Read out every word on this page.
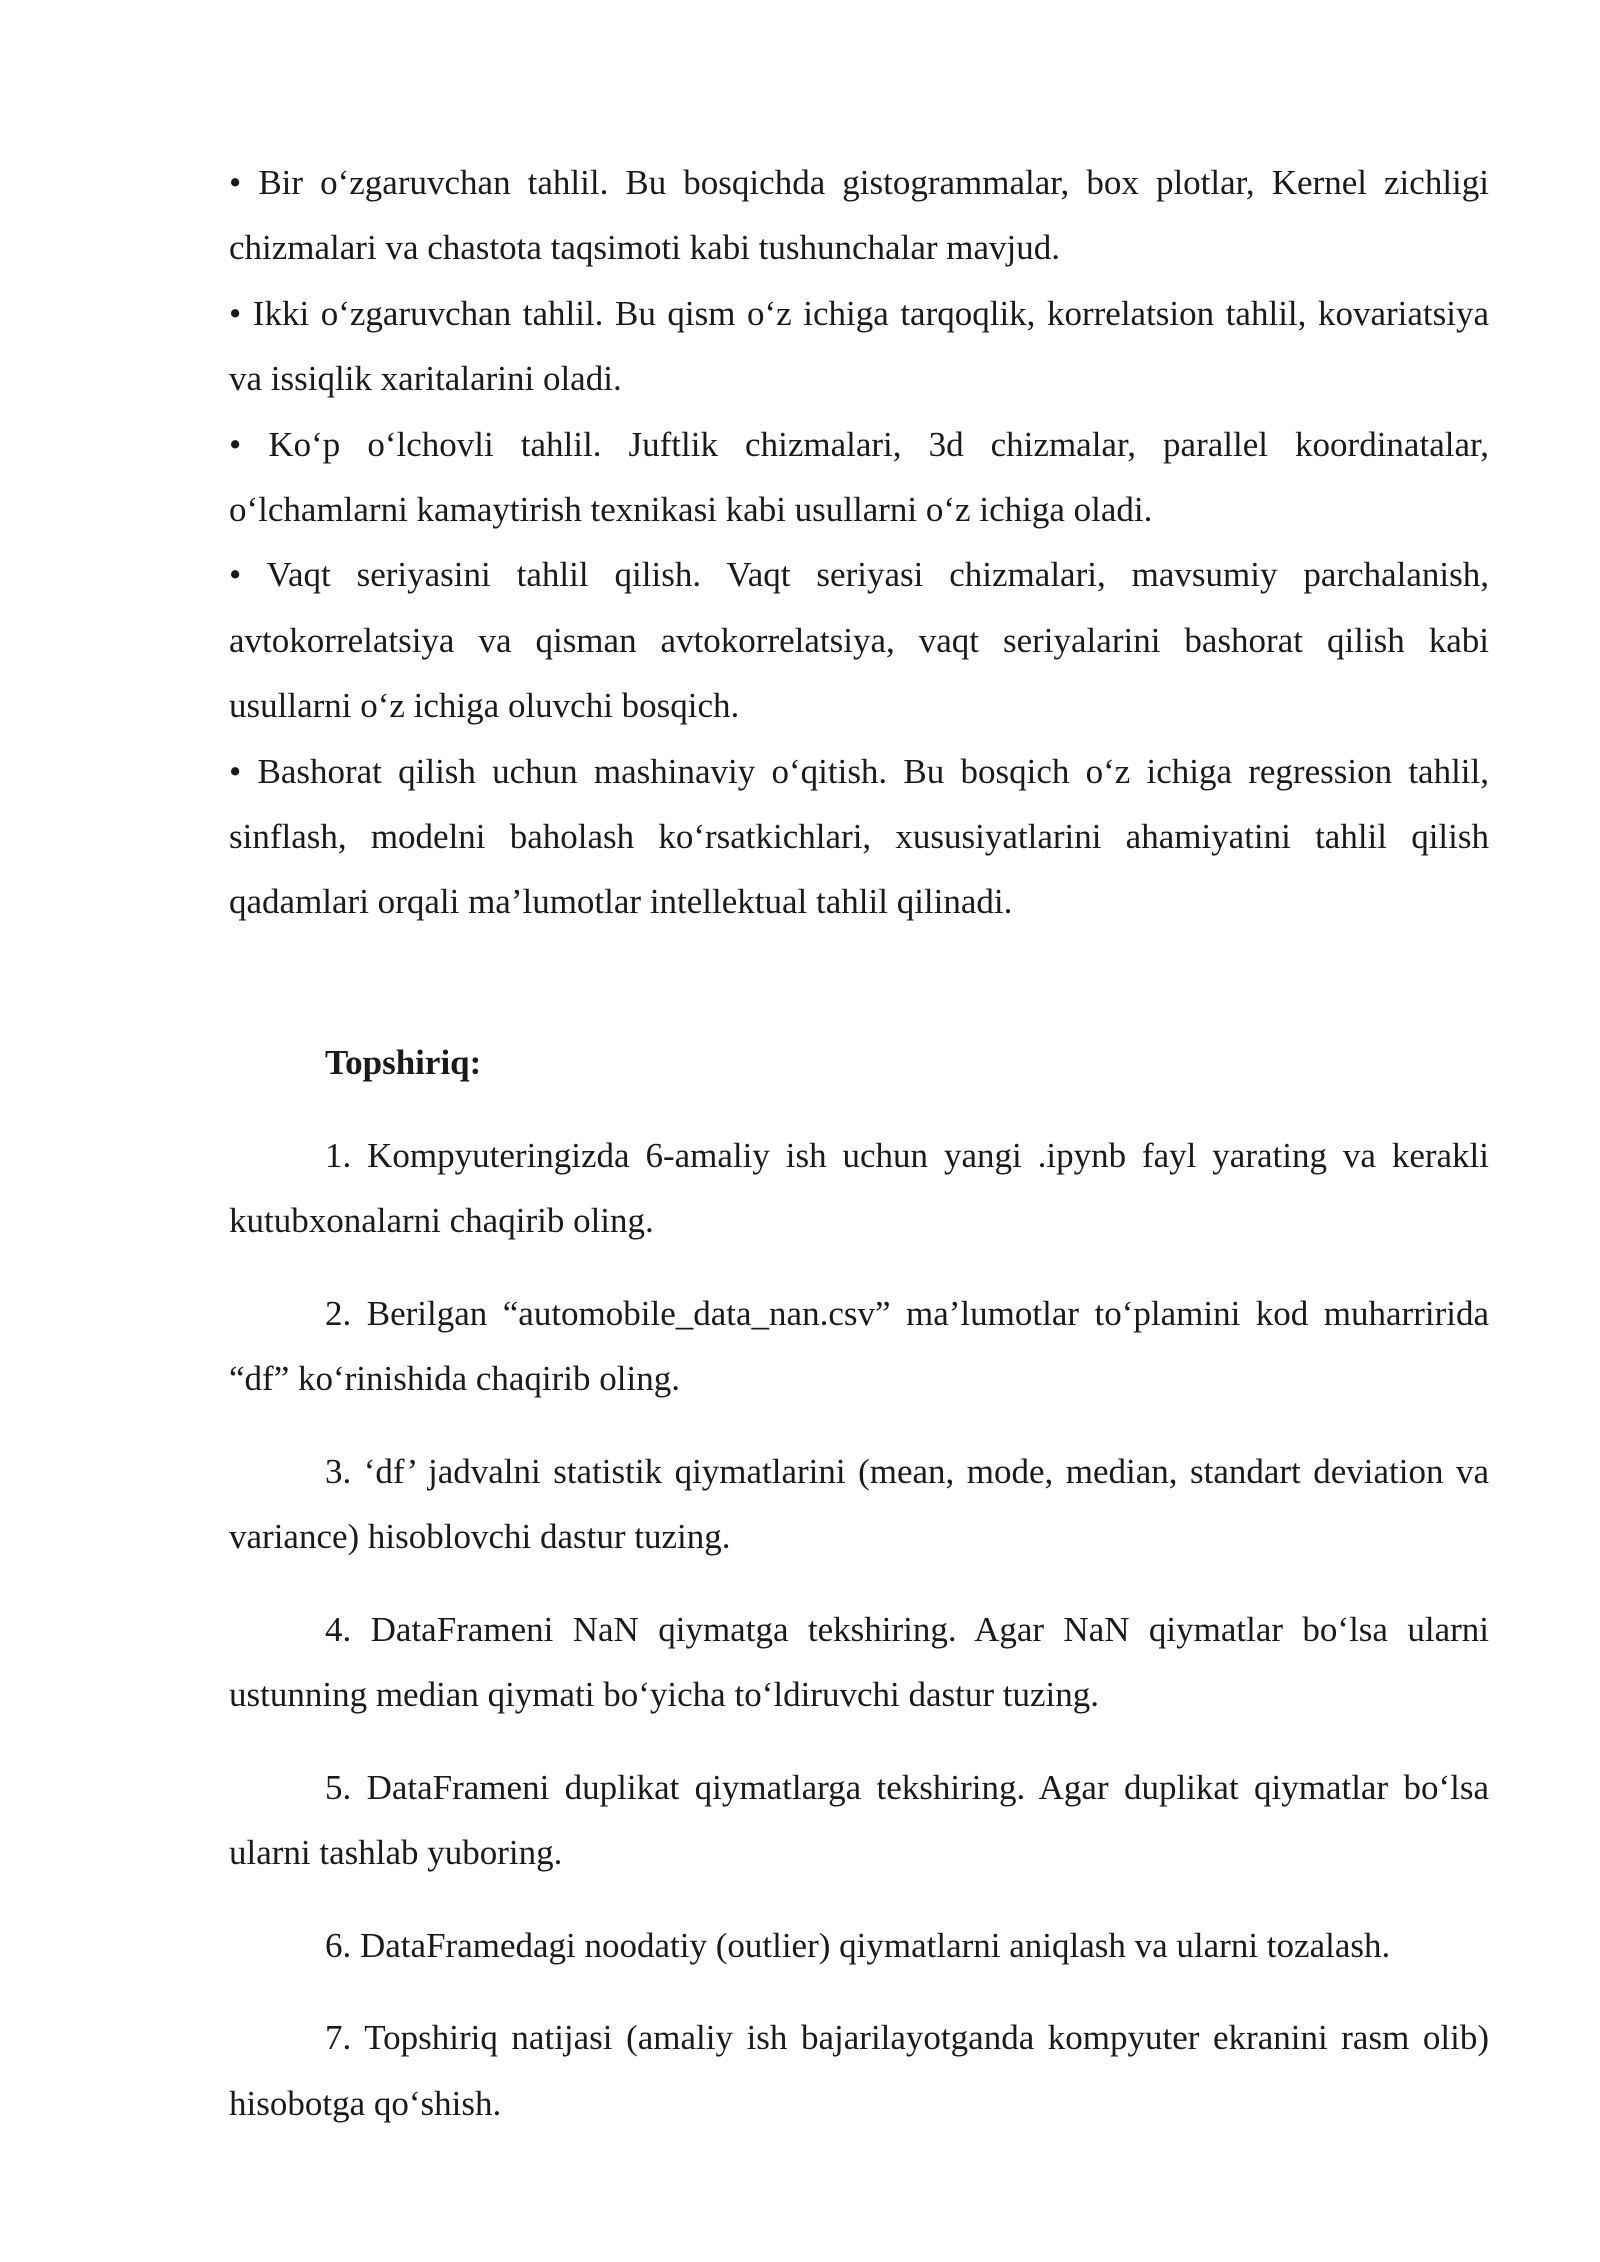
• Bir o‘zgaruvchan tahlil. Bu bosqichda gistogrammalar, box plotlar, Kernel zichligi chizmalari va chastota taqsimoti kabi tushunchalar mavjud.

• Ikki o‘zgaruvchan tahlil. Bu qism o‘z ichiga tarqoqlik, korrelatsion tahlil, kovariatsiya va issiqlik xaritalarini oladi.

• Ko‘p o‘lchovli tahlil. Juftlik chizmalari, 3d chizmalar, parallel koordinatalar, o‘lchamlarni kamaytirish texnikasi kabi usullarni o‘z ichiga oladi.

• Vaqt seriyasini tahlil qilish. Vaqt seriyasi chizmalari, mavsumiy parchalanish, avtokorrelatsiya va qisman avtokorrelatsiya, vaqt seriyalarini bashorat qilish kabi usullarni o‘z ichiga oluvchi bosqich.

• Bashorat qilish uchun mashinaviy o‘qitish. Bu bosqich o‘z ichiga regression tahlil, sinflash, modelni baholash ko‘rsatkichlari, xususiyatlarini ahamiyatini tahlil qilish qadamlari orqali ma’lumotlar intellektual tahlil qilinadi.

Topshiriq:

1. Kompyuteringizda 6-amaliy ish uchun yangi .ipynb fayl yarating va kerakli kutubxonalarni chaqirib oling.

2. Berilgan “automobile_data_nan.csv” ma’lumotlar to‘plamini kod muharririda “df” ko‘rinishida chaqirib oling.

3. ‘df’ jadvalni statistik qiymatlarini (mean, mode, median, standart deviation va variance) hisoblovchi dastur tuzing.

4. DataFrameni NaN qiymatga tekshiring. Agar NaN qiymatlar bo‘lsa ularni ustunning median qiymati bo‘yicha to‘ldiruvchi dastur tuzing.

5. DataFrameni duplikat qiymatlarga tekshiring. Agar duplikat qiymatlar bo‘lsa ularni tashlab yuboring.

6. DataFramedagi noodatiy (outlier) qiymatlarni aniqlash va ularni tozalash.

7. Topshiriq natijasi (amaliy ish bajarilayotganda kompyuter ekranini rasm olib) hisobotga qo‘shish.
